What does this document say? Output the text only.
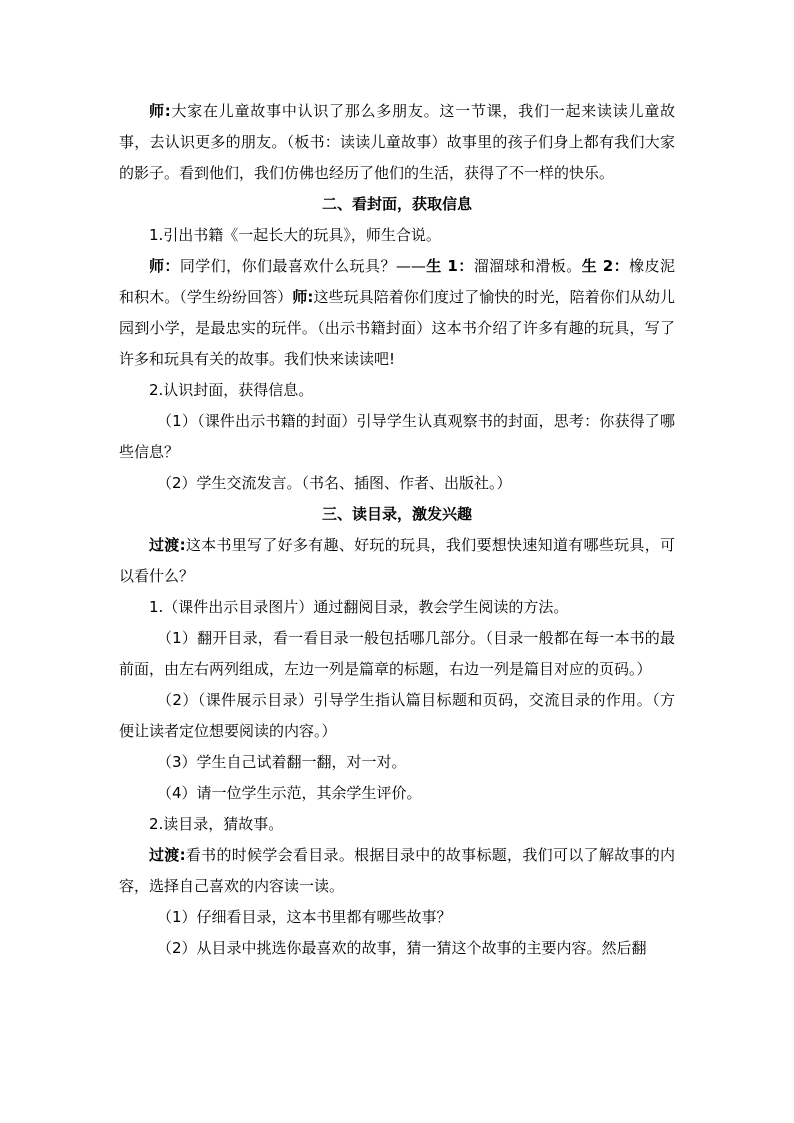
师:大家在儿童故事中认识了那么多朋友。这一节课，我们一起来读读儿童故事，去认识更多的朋友。（板书：读读儿童故事）故事里的孩子们身上都有我们大家的影子。看到他们，我们仿佛也经历了他们的生活，获得了不一样的快乐。

二、看封面，获取信息

1.引出书籍《一起长大的玩具》，师生合说。

师：同学们，你们最喜欢什么玩具？——生 1：溜溜球和滑板。生 2：橡皮泥和积木。（学生纷纷回答）师:这些玩具陪着你们度过了愉快的时光，陪着你们从幼儿园到小学，是最忠实的玩伴。（出示书籍封面）这本书介绍了许多有趣的玩具，写了许多和玩具有关的故事。我们快来读读吧!

2.认识封面，获得信息。

（1）（课件出示书籍的封面）引导学生认真观察书的封面，思考：你获得了哪些信息？

（2）学生交流发言。（书名、插图、作者、出版社。）

三、读目录，激发兴趣

过渡:这本书里写了好多有趣、好玩的玩具，我们要想快速知道有哪些玩具，可以看什么？

1.（课件出示目录图片）通过翻阅目录，教会学生阅读的方法。

（1）翻开目录，看一看目录一般包括哪几部分。（目录一般都在每一本书的最前面，由左右两列组成，左边一列是篇章的标题，右边一列是篇目对应的页码。）

（2）（课件展示目录）引导学生指认篇目标题和页码，交流目录的作用。（方便让读者定位想要阅读的内容。）

（3）学生自己试着翻一翻，对一对。

（4）请一位学生示范，其余学生评价。

2.读目录，猜故事。

过渡:看书的时候学会看目录。根据目录中的故事标题，我们可以了解故事的内容，选择自己喜欢的内容读一读。

（1）仔细看目录，这本书里都有哪些故事？

（2）从目录中挑选你最喜欢的故事，猜一猜这个故事的主要内容。然后翻
